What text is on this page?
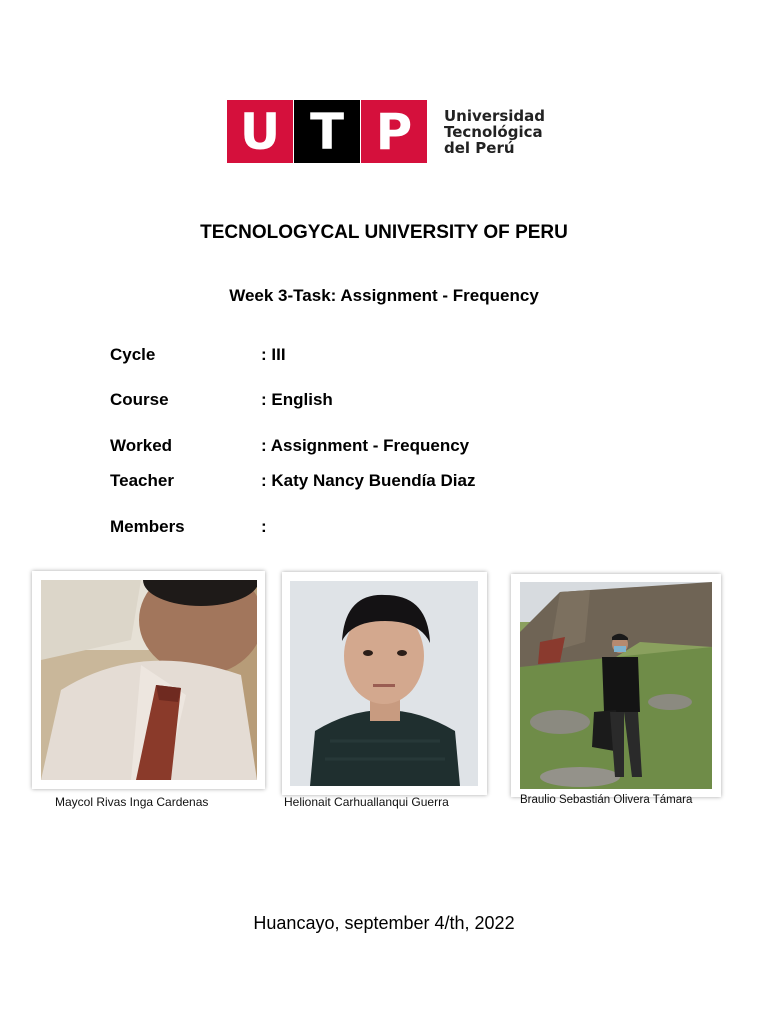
U T P	Universidad
Tecnológica
del Perú
TECNOLOGYCAL UNIVERSITY OF PERU
Week 3-Task: Assignment - Frequency
Cycle	: III
Course	: English
Worked	: Assignment - Frequency
Teacher	: Katy Nancy Buendía Diaz
Members	:
Maycol Rivas Inga Cardenas	Helionait Carhuallanqui Guerra	Braulio Sebastián Olivera Támara
Huancayo, september 4/th, 2022
